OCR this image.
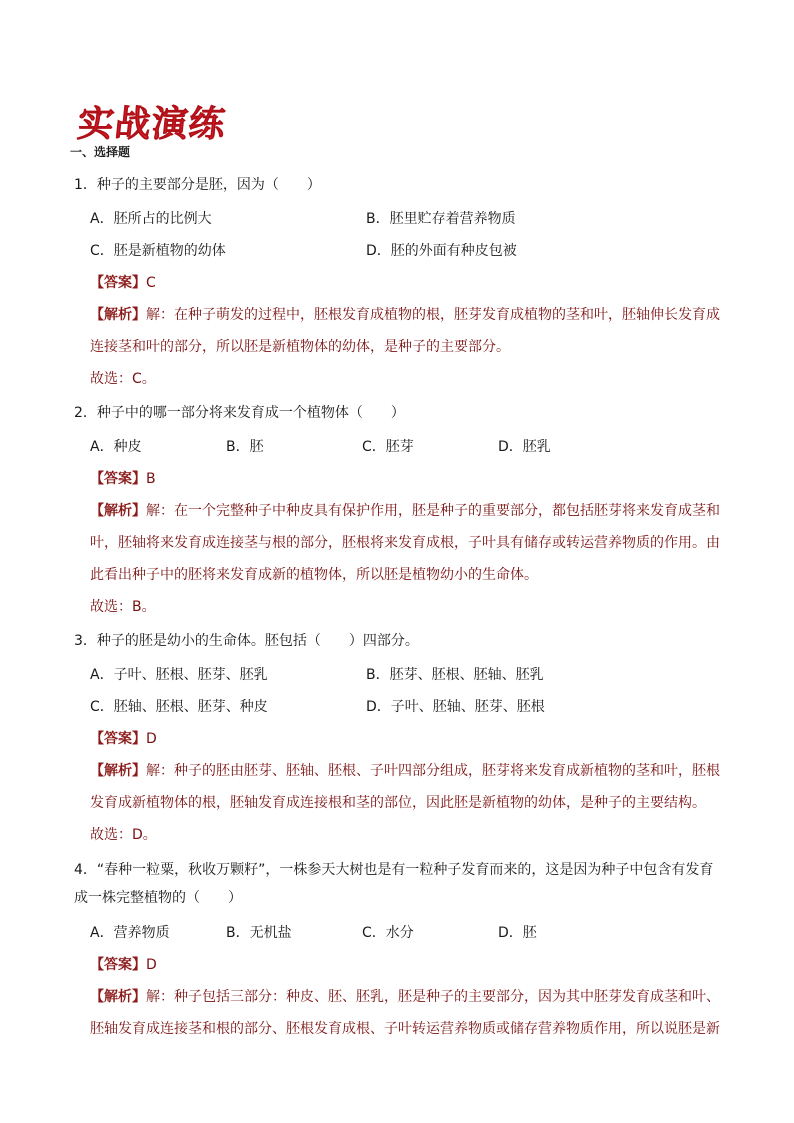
实战演练
一、选择题
1．种子的主要部分是胚，因为（　　）
A．胚所占的比例大	B．胚里贮存着营养物质
C．胚是新植物的幼体	D．胚的外面有种皮包被
【答案】C
【解析】解：在种子萌发的过程中，胚根发育成植物的根，胚芽发育成植物的茎和叶，胚轴伸长发育成连接茎和叶的部分，所以胚是新植物体的幼体，是种子的主要部分。
故选：C。
2．种子中的哪一部分将来发育成一个植物体（　　）
A．种皮	B．胚	C．胚芽	D．胚乳
【答案】B
【解析】解：在一个完整种子中种皮具有保护作用，胚是种子的重要部分，都包括胚芽将来发育成茎和叶，胚轴将来发育成连接茎与根的部分，胚根将来发育成根，子叶具有储存或转运营养物质的作用。由此看出种子中的胚将来发育成新的植物体，所以胚是植物幼小的生命体。
故选：B。
3．种子的胚是幼小的生命体。胚包括（　　）四部分。
A．子叶、胚根、胚芽、胚乳	B．胚芽、胚根、胚轴、胚乳
C．胚轴、胚根、胚芽、种皮	D．子叶、胚轴、胚芽、胚根
【答案】D
【解析】解：种子的胚由胚芽、胚轴、胚根、子叶四部分组成，胚芽将来发育成新植物的茎和叶，胚根发育成新植物体的根，胚轴发育成连接根和茎的部位，因此胚是新植物的幼体，是种子的主要结构。
故选：D。
4．“春种一粒粟，秋收万颗籽”，一株参天大树也是有一粒种子发育而来的，这是因为种子中包含有发育成一株完整植物的（　　）
A．营养物质	B．无机盐	C．水分	D．胚
【答案】D
【解析】解：种子包括三部分：种皮、胚、胚乳，胚是种子的主要部分，因为其中胚芽发育成茎和叶、胚轴发育成连接茎和根的部分、胚根发育成根、子叶转运营养物质或储存营养物质作用，所以说胚是新
